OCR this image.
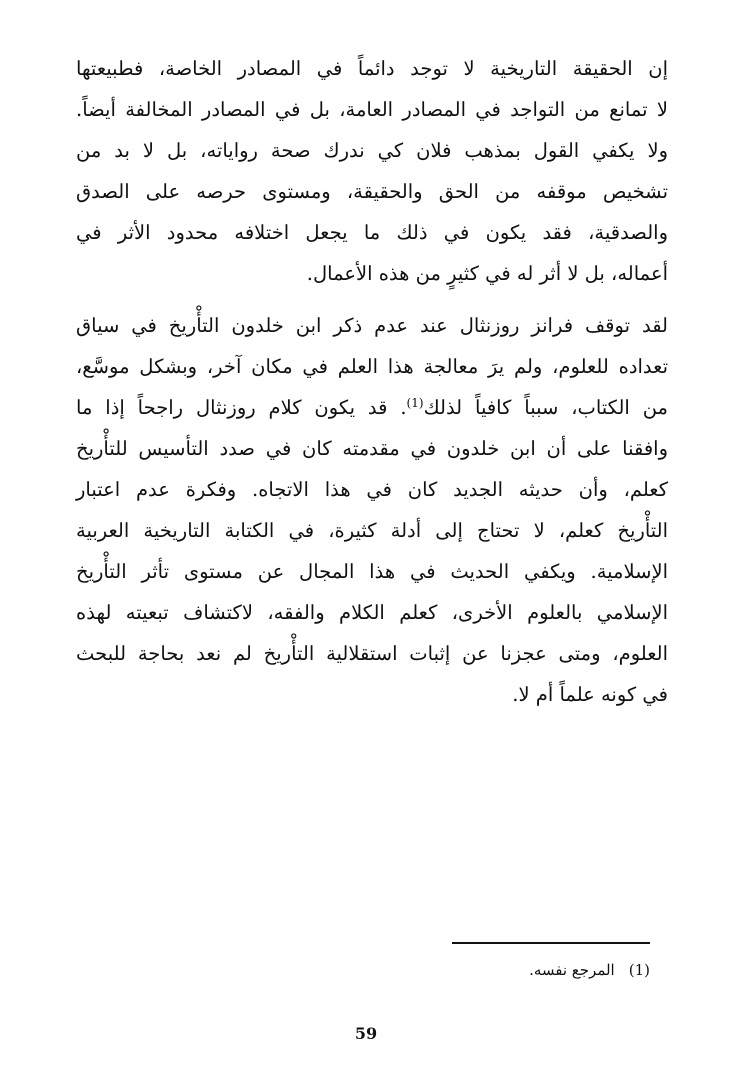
إن الحقيقة التاريخية لا توجد دائماً في المصادر الخاصة، فطبيعتها
لا تمانع من التواجد في المصادر العامة، بل في المصادر المخالفة أيضاً.
ولا يكفي القول بمذهب فلان كي ندرك صحة رواياته، بل لا بد من
تشخيص موقفه من الحق والحقيقة، ومستوى حرصه على الصدق
والصدقية، فقد يكون في ذلك ما يجعل اختلافه محدود الأثر في
أعماله، بل لا أثر له في كثيرٍ من هذه الأعمال.

لقد توقف فرانز روزنثال عند عدم ذكر ابن خلدون التأْريخ في سياق
تعداده للعلوم، ولم يرَ معالجة هذا العلم في مكان آخر، وبشكل موسَّع،
من الكتاب، سبباً كافياً لذلك$^{(1)}$. قد يكون كلام روزنثال راجحاً إذا ما
وافقنا على أن ابن خلدون في مقدمته كان في صدد التأسيس للتأْريخ
كعلم، وأن حديثه الجديد كان في هذا الاتجاه. وفكرة عدم اعتبار
التأْريخ كعلم، لا تحتاج إلى أدلة كثيرة، في الكتابة التاريخية العربية
الإسلامية. ويكفي الحديث في هذا المجال عن مستوى تأثر التأْريخ
الإسلامي بالعلوم الأخرى، كعلم الكلام والفقه، لاكتشاف تبعيته لهذه
العلوم، ومتى عجزنا عن إثبات استقلالية التأْريخ لم نعد بحاجة للبحث
في كونه علماً أم لا.

(1)المرجع نفسه.
59
